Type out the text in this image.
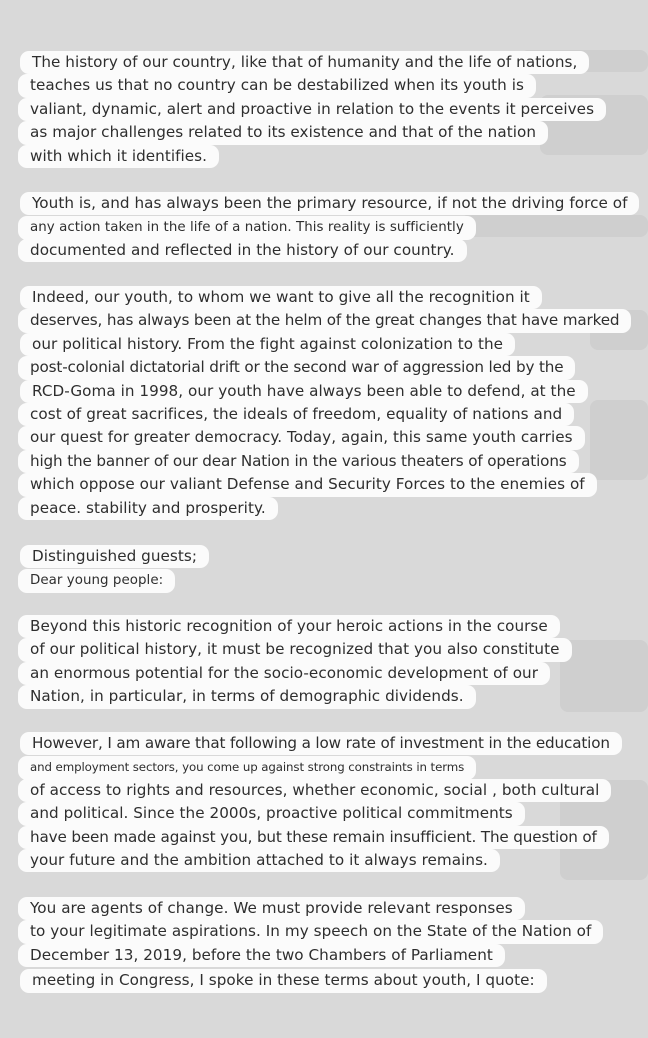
The history of our country, like that of humanity and the life of nations,
teaches us that no country can be destabilized when its youth is
valiant, dynamic, alert and proactive in relation to the events it perceives
as major challenges related to its existence and that of the nation
with which it identifies.
Youth is, and has always been the primary resource, if not the driving force of
any action taken in the life of a nation. This reality is sufficiently
documented and reflected in the history of our country.
Indeed, our youth, to whom we want to give all the recognition it
deserves, has always been at the helm of the great changes that have marked
our political history. From the fight against colonization to the
post-colonial dictatorial drift or the second war of aggression led by the
RCD-Goma in 1998, our youth have always been able to defend, at the
cost of great sacrifices, the ideals of freedom, equality of nations and
our quest for greater democracy. Today, again, this same youth carries
high the banner of our dear Nation in the various theaters of operations
which oppose our valiant Defense and Security Forces to the enemies of
peace. stability and prosperity.
Distinguished guests;
Dear young people:
Beyond this historic recognition of your heroic actions in the course
of our political history, it must be recognized that you also constitute
an enormous potential for the socio-economic development of our
Nation, in particular, in terms of demographic dividends.
However, I am aware that following a low rate of investment in the education
and employment sectors, you come up against strong constraints in terms
of access to rights and resources, whether economic, social , both cultural
and political. Since the 2000s, proactive political commitments
have been made against you, but these remain insufficient. The question of
your future and the ambition attached to it always remains.
You are agents of change. We must provide relevant responses
to your legitimate aspirations. In my speech on the State of the Nation of
December 13, 2019, before the two Chambers of Parliament
meeting in Congress, I spoke in these terms about youth, I quote:
